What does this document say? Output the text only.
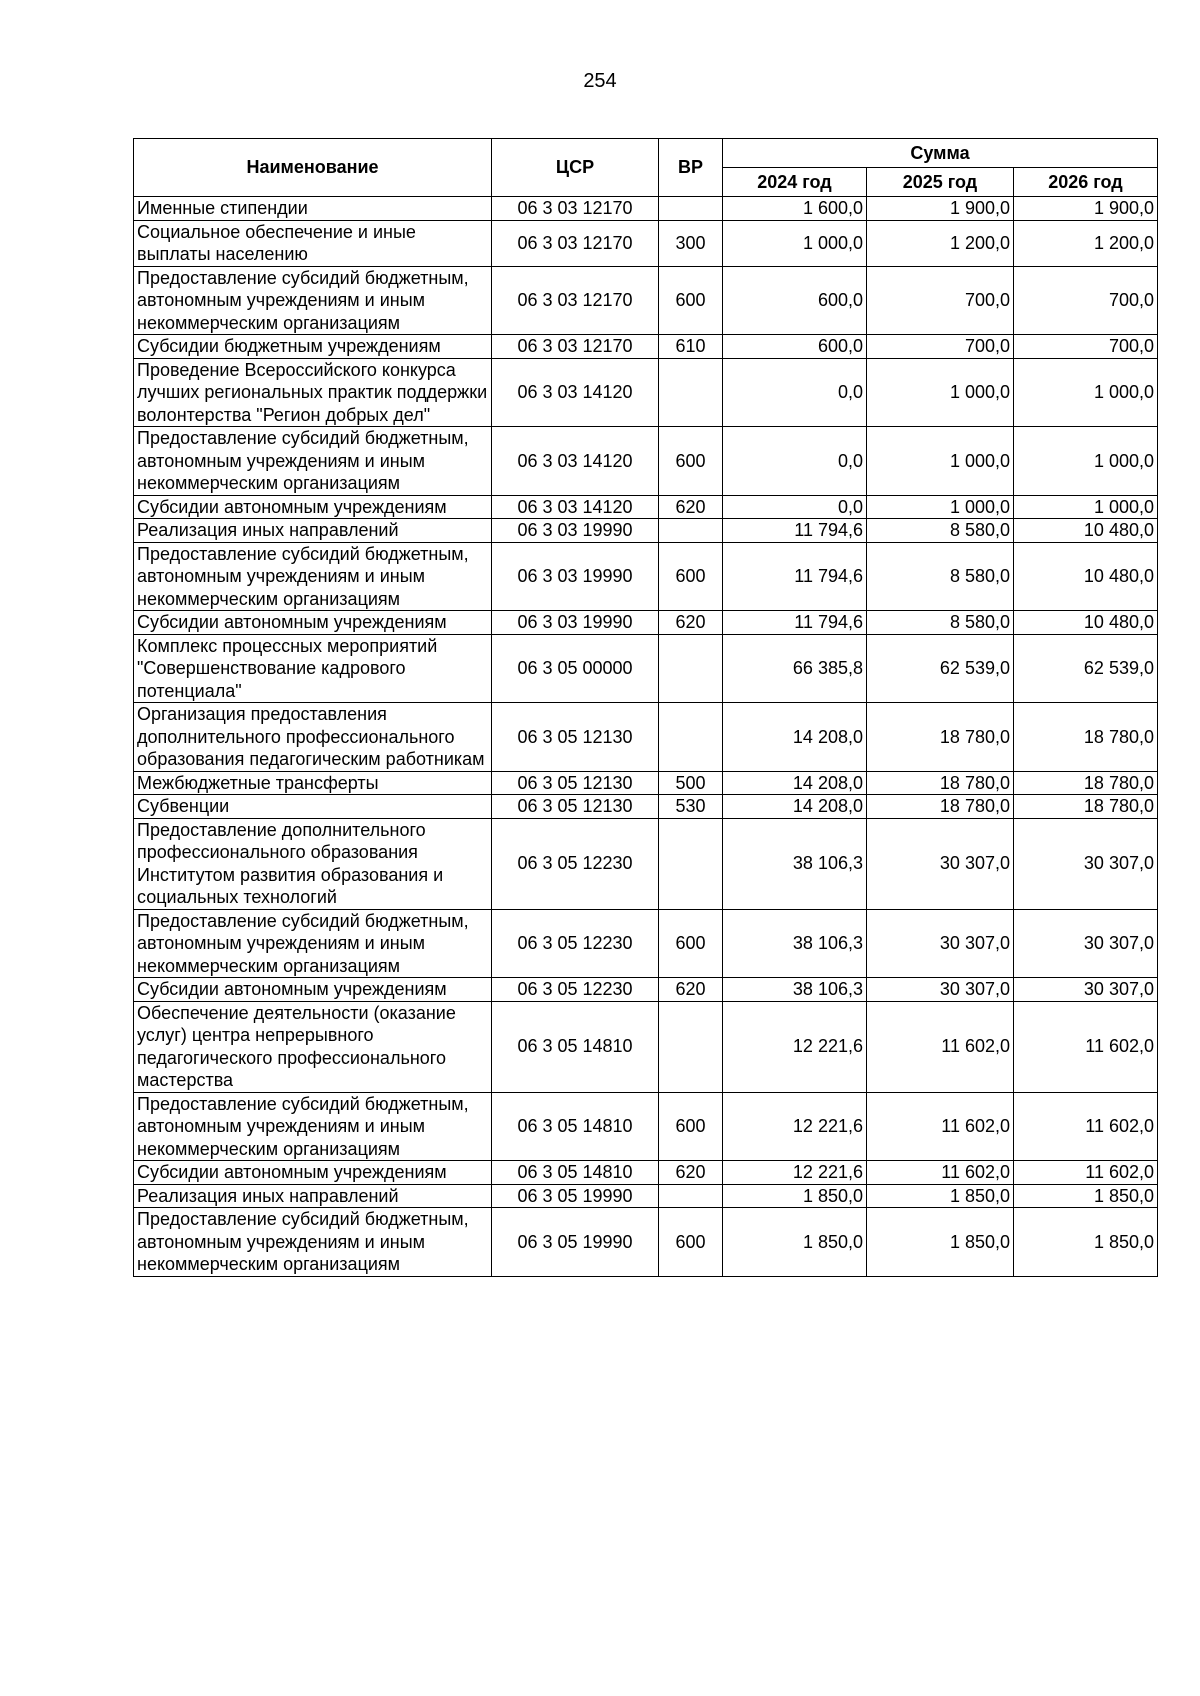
254
Наименование	ЦСР	ВР	Сумма		
			2024 год	2025 год	2026 год
Именные стипендии	06 3 03 12170		1 600,0	1 900,0	1 900,0
Социальное обеспечение и иные выплаты населению	06 3 03 12170	300	1 000,0	1 200,0	1 200,0
Предоставление субсидий бюджетным, автономным учреждениям и иным некоммерческим организациям	06 3 03 12170	600	600,0	700,0	700,0
Субсидии бюджетным учреждениям	06 3 03 12170	610	600,0	700,0	700,0
Проведение Всероссийского конкурса лучших региональных практик поддержки волонтерства "Регион добрых дел"	06 3 03 14120		0,0	1 000,0	1 000,0
Предоставление субсидий бюджетным, автономным учреждениям и иным некоммерческим организациям	06 3 03 14120	600	0,0	1 000,0	1 000,0
Субсидии автономным учреждениям	06 3 03 14120	620	0,0	1 000,0	1 000,0
Реализация иных направлений	06 3 03 19990		11 794,6	8 580,0	10 480,0
Предоставление субсидий бюджетным, автономным учреждениям и иным некоммерческим организациям	06 3 03 19990	600	11 794,6	8 580,0	10 480,0
Субсидии автономным учреждениям	06 3 03 19990	620	11 794,6	8 580,0	10 480,0
Комплекс процессных мероприятий "Совершенствование кадрового потенциала"	06 3 05 00000		66 385,8	62 539,0	62 539,0
Организация предоставления дополнительного профессионального образования педагогическим работникам	06 3 05 12130		14 208,0	18 780,0	18 780,0
Межбюджетные трансферты	06 3 05 12130	500	14 208,0	18 780,0	18 780,0
Субвенции	06 3 05 12130	530	14 208,0	18 780,0	18 780,0
Предоставление дополнительного профессионального образования Институтом развития образования и социальных технологий	06 3 05 12230		38 106,3	30 307,0	30 307,0
Предоставление субсидий бюджетным, автономным учреждениям и иным некоммерческим организациям	06 3 05 12230	600	38 106,3	30 307,0	30 307,0
Субсидии автономным учреждениям	06 3 05 12230	620	38 106,3	30 307,0	30 307,0
Обеспечение деятельности (оказание услуг) центра непрерывного педагогического профессионального мастерства	06 3 05 14810		12 221,6	11 602,0	11 602,0
Предоставление субсидий бюджетным, автономным учреждениям и иным некоммерческим организациям	06 3 05 14810	600	12 221,6	11 602,0	11 602,0
Субсидии автономным учреждениям	06 3 05 14810	620	12 221,6	11 602,0	11 602,0
Реализация иных направлений	06 3 05 19990		1 850,0	1 850,0	1 850,0
Предоставление субсидий бюджетным, автономным учреждениям и иным некоммерческим организациям	06 3 05 19990	600	1 850,0	1 850,0	1 850,0
